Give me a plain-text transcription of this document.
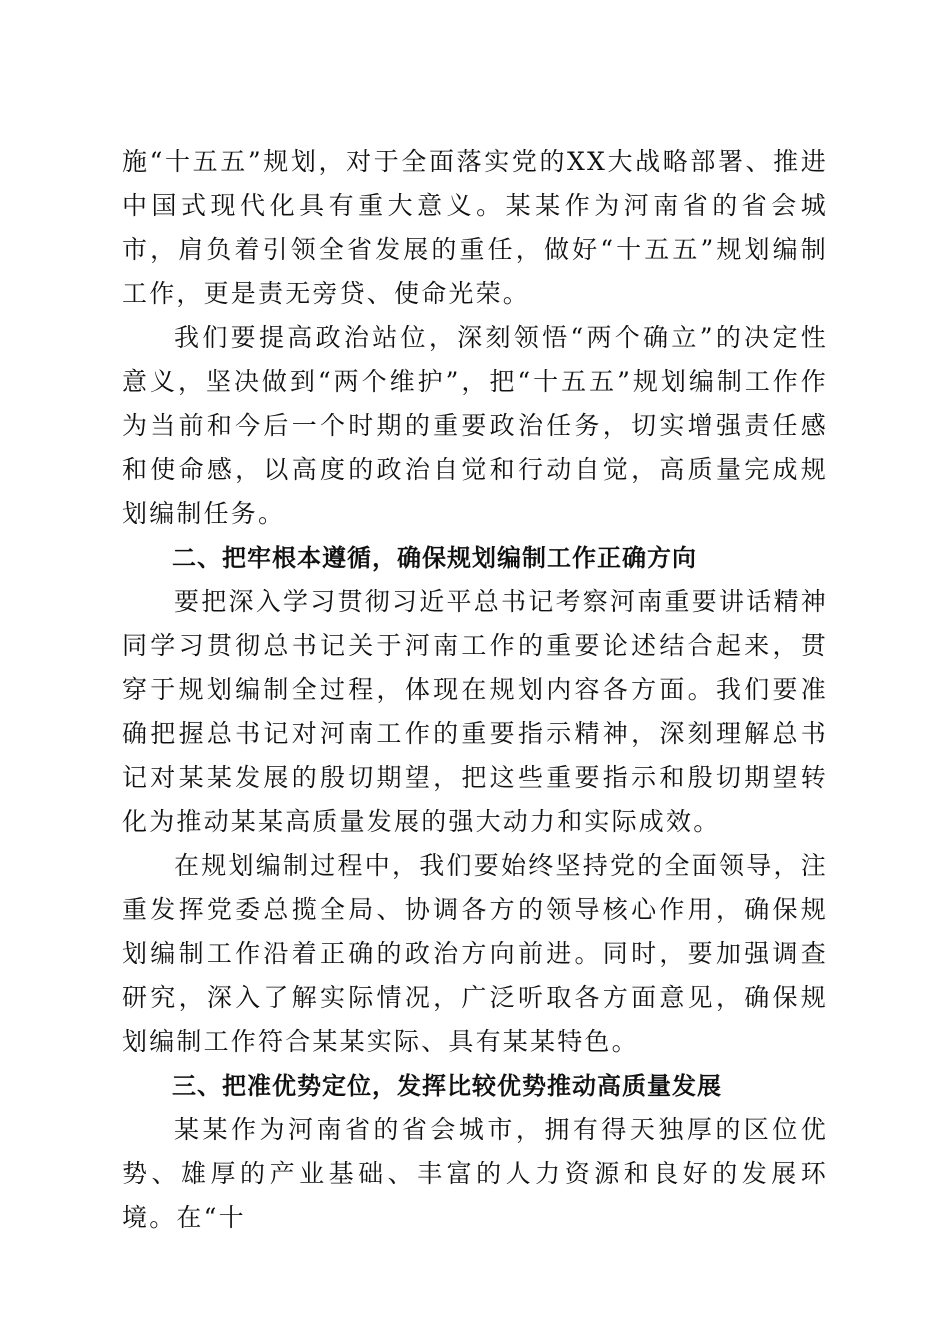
施“十五五”规划，对于全面落实党的XX大战略部署、推进中国式现代化具有重大意义。某某作为河南省的省会城市，肩负着引领全省发展的重任，做好“十五五”规划编制工作，更是责无旁贷、使命光荣。

我们要提高政治站位，深刻领悟“两个确立”的决定性意义，坚决做到“两个维护”，把“十五五”规划编制工作作为当前和今后一个时期的重要政治任务，切实增强责任感和使命感，以高度的政治自觉和行动自觉，高质量完成规划编制任务。

二、把牢根本遵循，确保规划编制工作正确方向

要把深入学习贯彻习近平总书记考察河南重要讲话精神同学习贯彻总书记关于河南工作的重要论述结合起来，贯穿于规划编制全过程，体现在规划内容各方面。我们要准确把握总书记对河南工作的重要指示精神，深刻理解总书记对某某发展的殷切期望，把这些重要指示和殷切期望转化为推动某某高质量发展的强大动力和实际成效。

在规划编制过程中，我们要始终坚持党的全面领导，注重发挥党委总揽全局、协调各方的领导核心作用，确保规划编制工作沿着正确的政治方向前进。同时，要加强调查研究，深入了解实际情况，广泛听取各方面意见，确保规划编制工作符合某某实际、具有某某特色。

三、把准优势定位，发挥比较优势推动高质量发展

某某作为河南省的省会城市，拥有得天独厚的区位优势、雄厚的产业基础、丰富的人力资源和良好的发展环境。在“十
